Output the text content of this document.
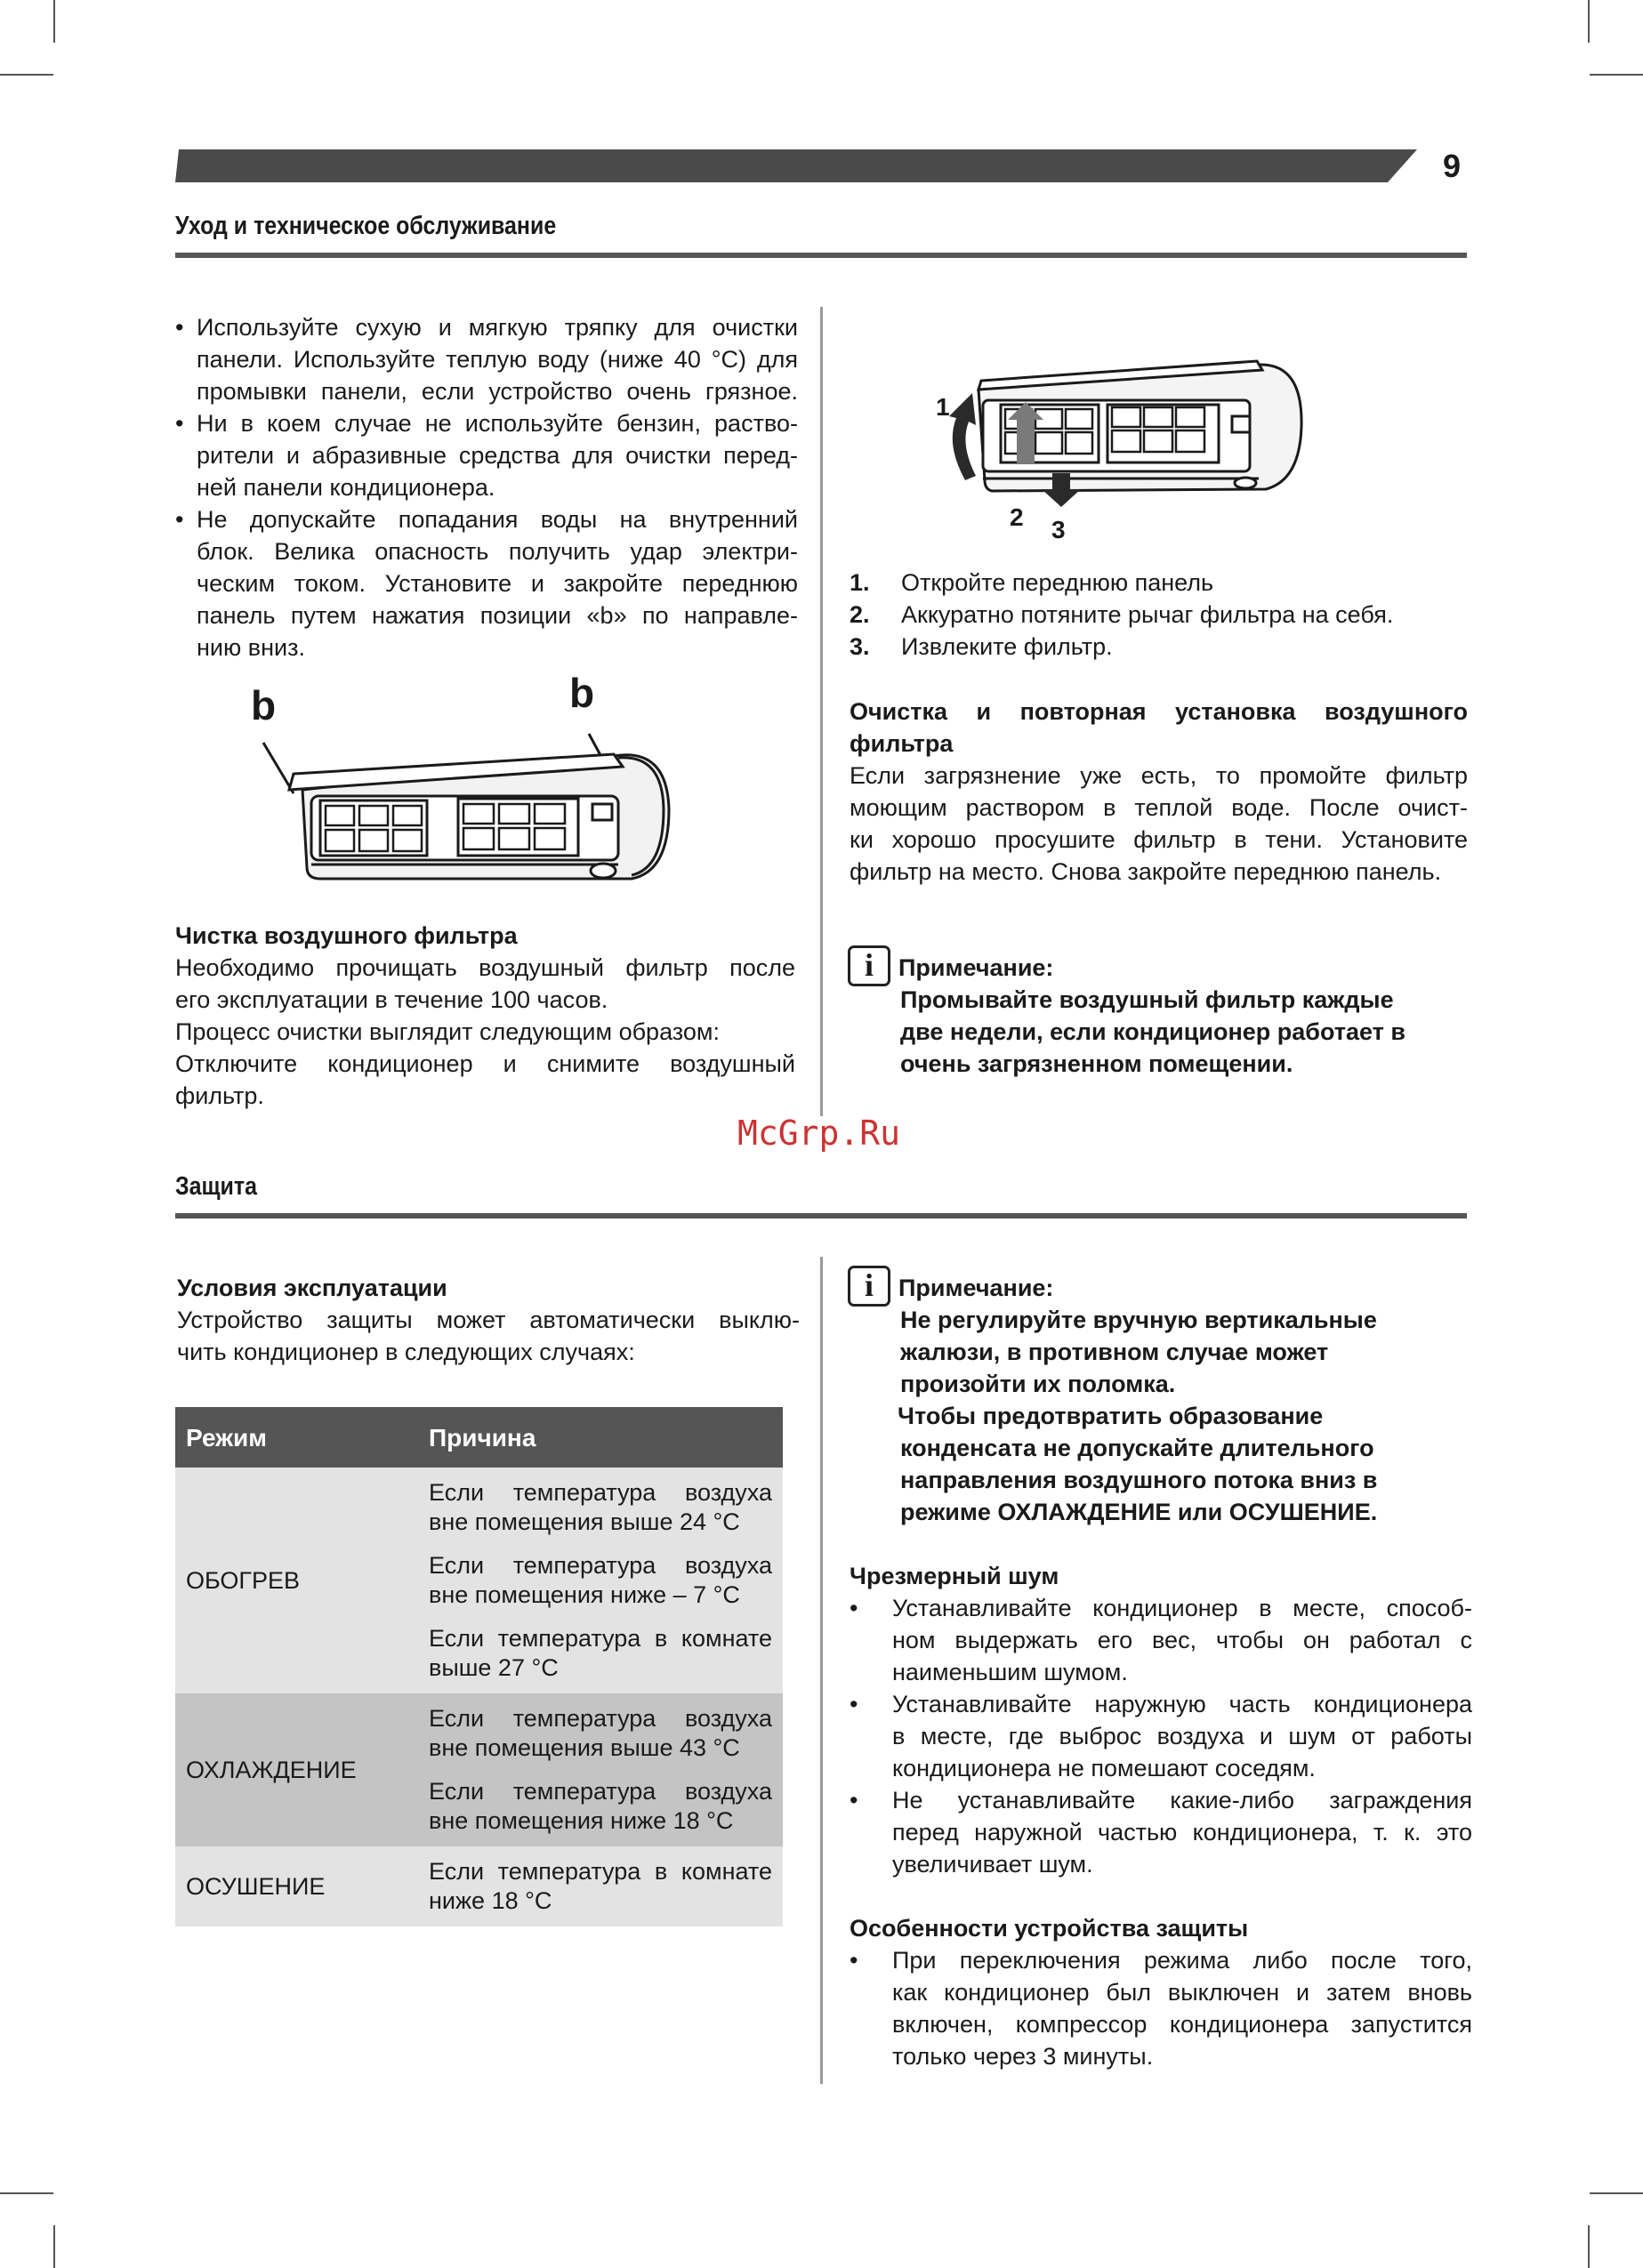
9
Уход и техническое обслуживание
• Используйте сухую и мягкую тряпку для очистки
панели. Используйте теплую воду (ниже 40 °С) для
промывки панели, если устройство очень грязное.
• Ни в коем случае не используйте бензин, раство-
рители и абразивные средства для очистки перед-
ней панели кондиционера.
• Не допускайте попадания воды на внутренний
блок. Велика опасность получить удар электри-
ческим током. Установите и закройте переднюю
панель путем нажатия позиции «b» по направле-
нию вниз.
b	b
Чистка воздушного фильтра
Необходимо прочищать воздушный фильтр после
его эксплуатации в течение 100 часов.
Процесс очистки выглядит следующим образом:
Отключите кондиционер и снимите воздушный
фильтр.
1
2 3
1. Откройте переднюю панель
2. Аккуратно потяните рычаг фильтра на себя.
3. Извлеките фильтр.
Очистка и повторная установка воздушного
фильтра
Если загрязнение уже есть, то промойте фильтр
моющим раствором в теплой воде. После очист-
ки хорошо просушите фильтр в тени. Установите
фильтр на место. Снова закройте переднюю панель.
i	Примечание:
Промывайте воздушный фильтр каждые
две недели, если кондиционер работает в
очень загрязненном помещении.
McGrp.Ru
Защита
Условия эксплуатации
Устройство защиты может автоматически выклю-
чить кондиционер в следующих случаях:
Режим	Причина
ОБОГРЕВ	Если температура воздуха
вне помещения выше 24 °С

	Если температура воздуха
вне помещения ниже – 7 °С

	Если температура в комнате
выше 27 °С

ОХЛАЖДЕНИЕ	Если температура воздуха
вне помещения выше 43 °С

	Если температура воздуха
вне помещения ниже 18 °С

ОСУШЕНИЕ	Если температура в комнате
ниже 18 °С
i	Примечание:
Не регулируйте вручную вертикальные
жалюзи, в противном случае может
произойти их поломка.
Чтобы предотвратить образование
конденсата не допускайте длительного
направления воздушного потока вниз в
режиме ОХЛАЖДЕНИЕ или ОСУШЕНИЕ.
Чрезмерный шум
• Устанавливайте кондиционер в месте, способ-
ном выдержать его вес, чтобы он работал с
наименьшим шумом.
• Устанавливайте наружную часть кондиционера
в месте, где выброс воздуха и шум от работы
кондиционера не помешают соседям.
• Не устанавливайте какие-либо заграждения
перед наружной частью кондиционера, т. к. это
увеличивает шум.
Особенности устройства защиты
• При переключения режима либо после того,
как кондиционер был выключен и затем вновь
включен, компрессор кондиционера запустится
только через 3 минуты.
